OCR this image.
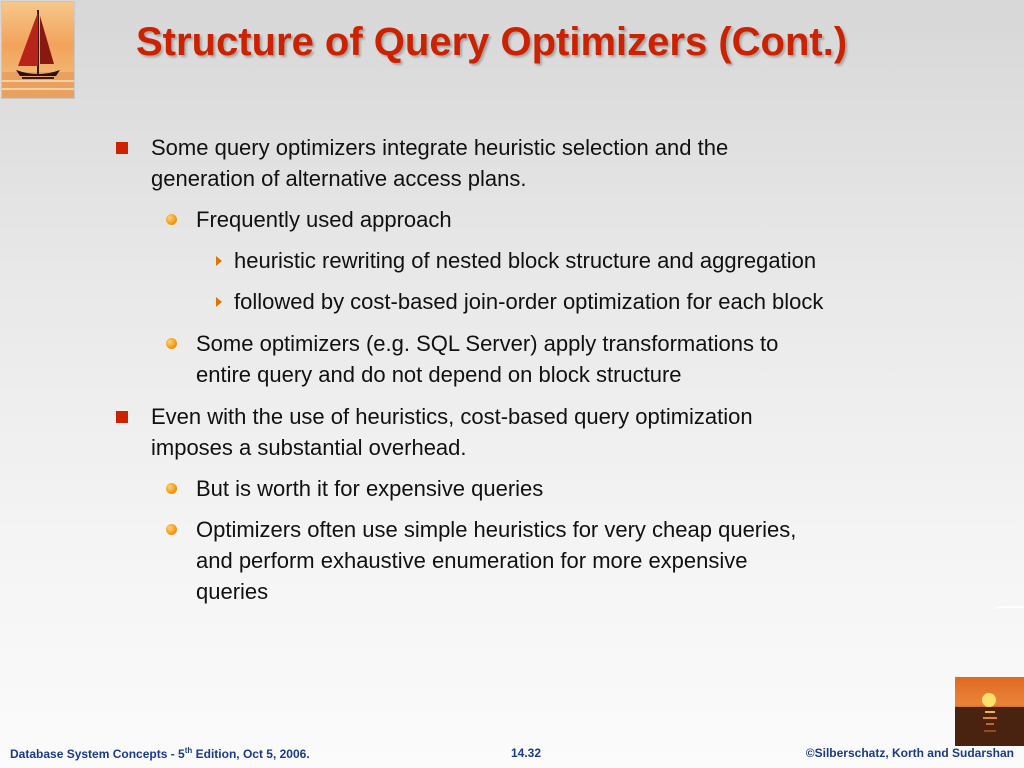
Structure of Query Optimizers (Cont.)
Some query optimizers integrate heuristic selection and the
generation of alternative access plans.
Frequently used approach
heuristic rewriting of nested block structure and aggregation
followed by cost-based join-order optimization for each block
Some optimizers (e.g. SQL Server) apply transformations to
entire query and do not depend on block structure
Even with the use of heuristics, cost-based query optimization
imposes a substantial overhead.
But is worth it for expensive queries
Optimizers often use simple heuristics for very cheap queries,
and perform exhaustive enumeration for more expensive
queries
Database System Concepts - 5th Edition, Oct 5, 2006.	14.32	©Silberschatz, Korth and Sudarshan
